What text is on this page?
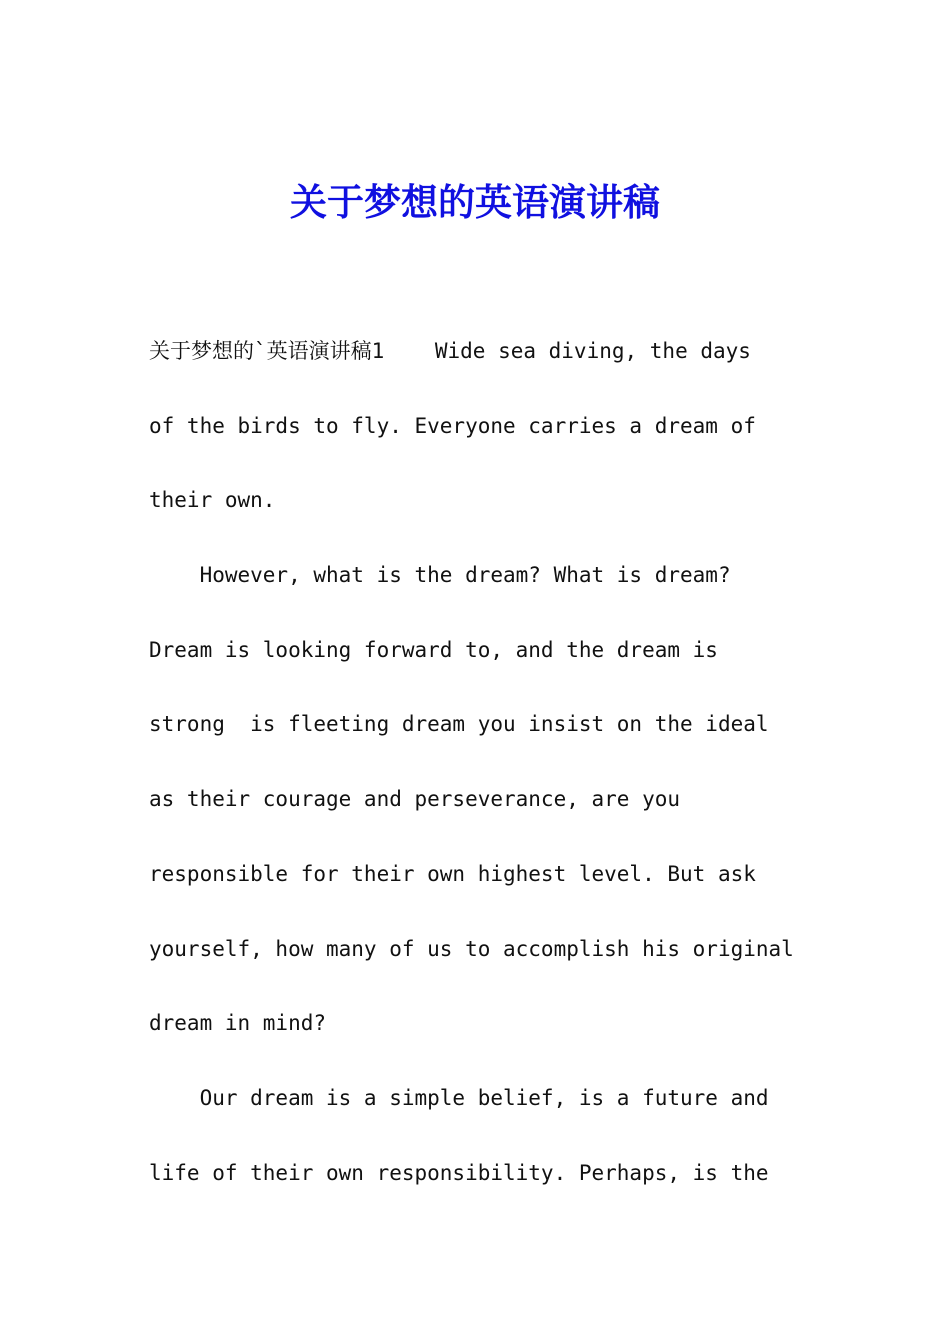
关于梦想的英语演讲稿

关于梦想的`英语演讲稿1    Wide sea diving, the days

of the birds to fly. Everyone carries a dream of

their own.

However, what is the dream? What is dream?

Dream is looking forward to, and the dream is

strong  is fleeting dream you insist on the ideal

as their courage and perseverance, are you

responsible for their own highest level. But ask

yourself, how many of us to accomplish his original

dream in mind?

Our dream is a simple belief, is a future and

life of their own responsibility. Perhaps, is the
